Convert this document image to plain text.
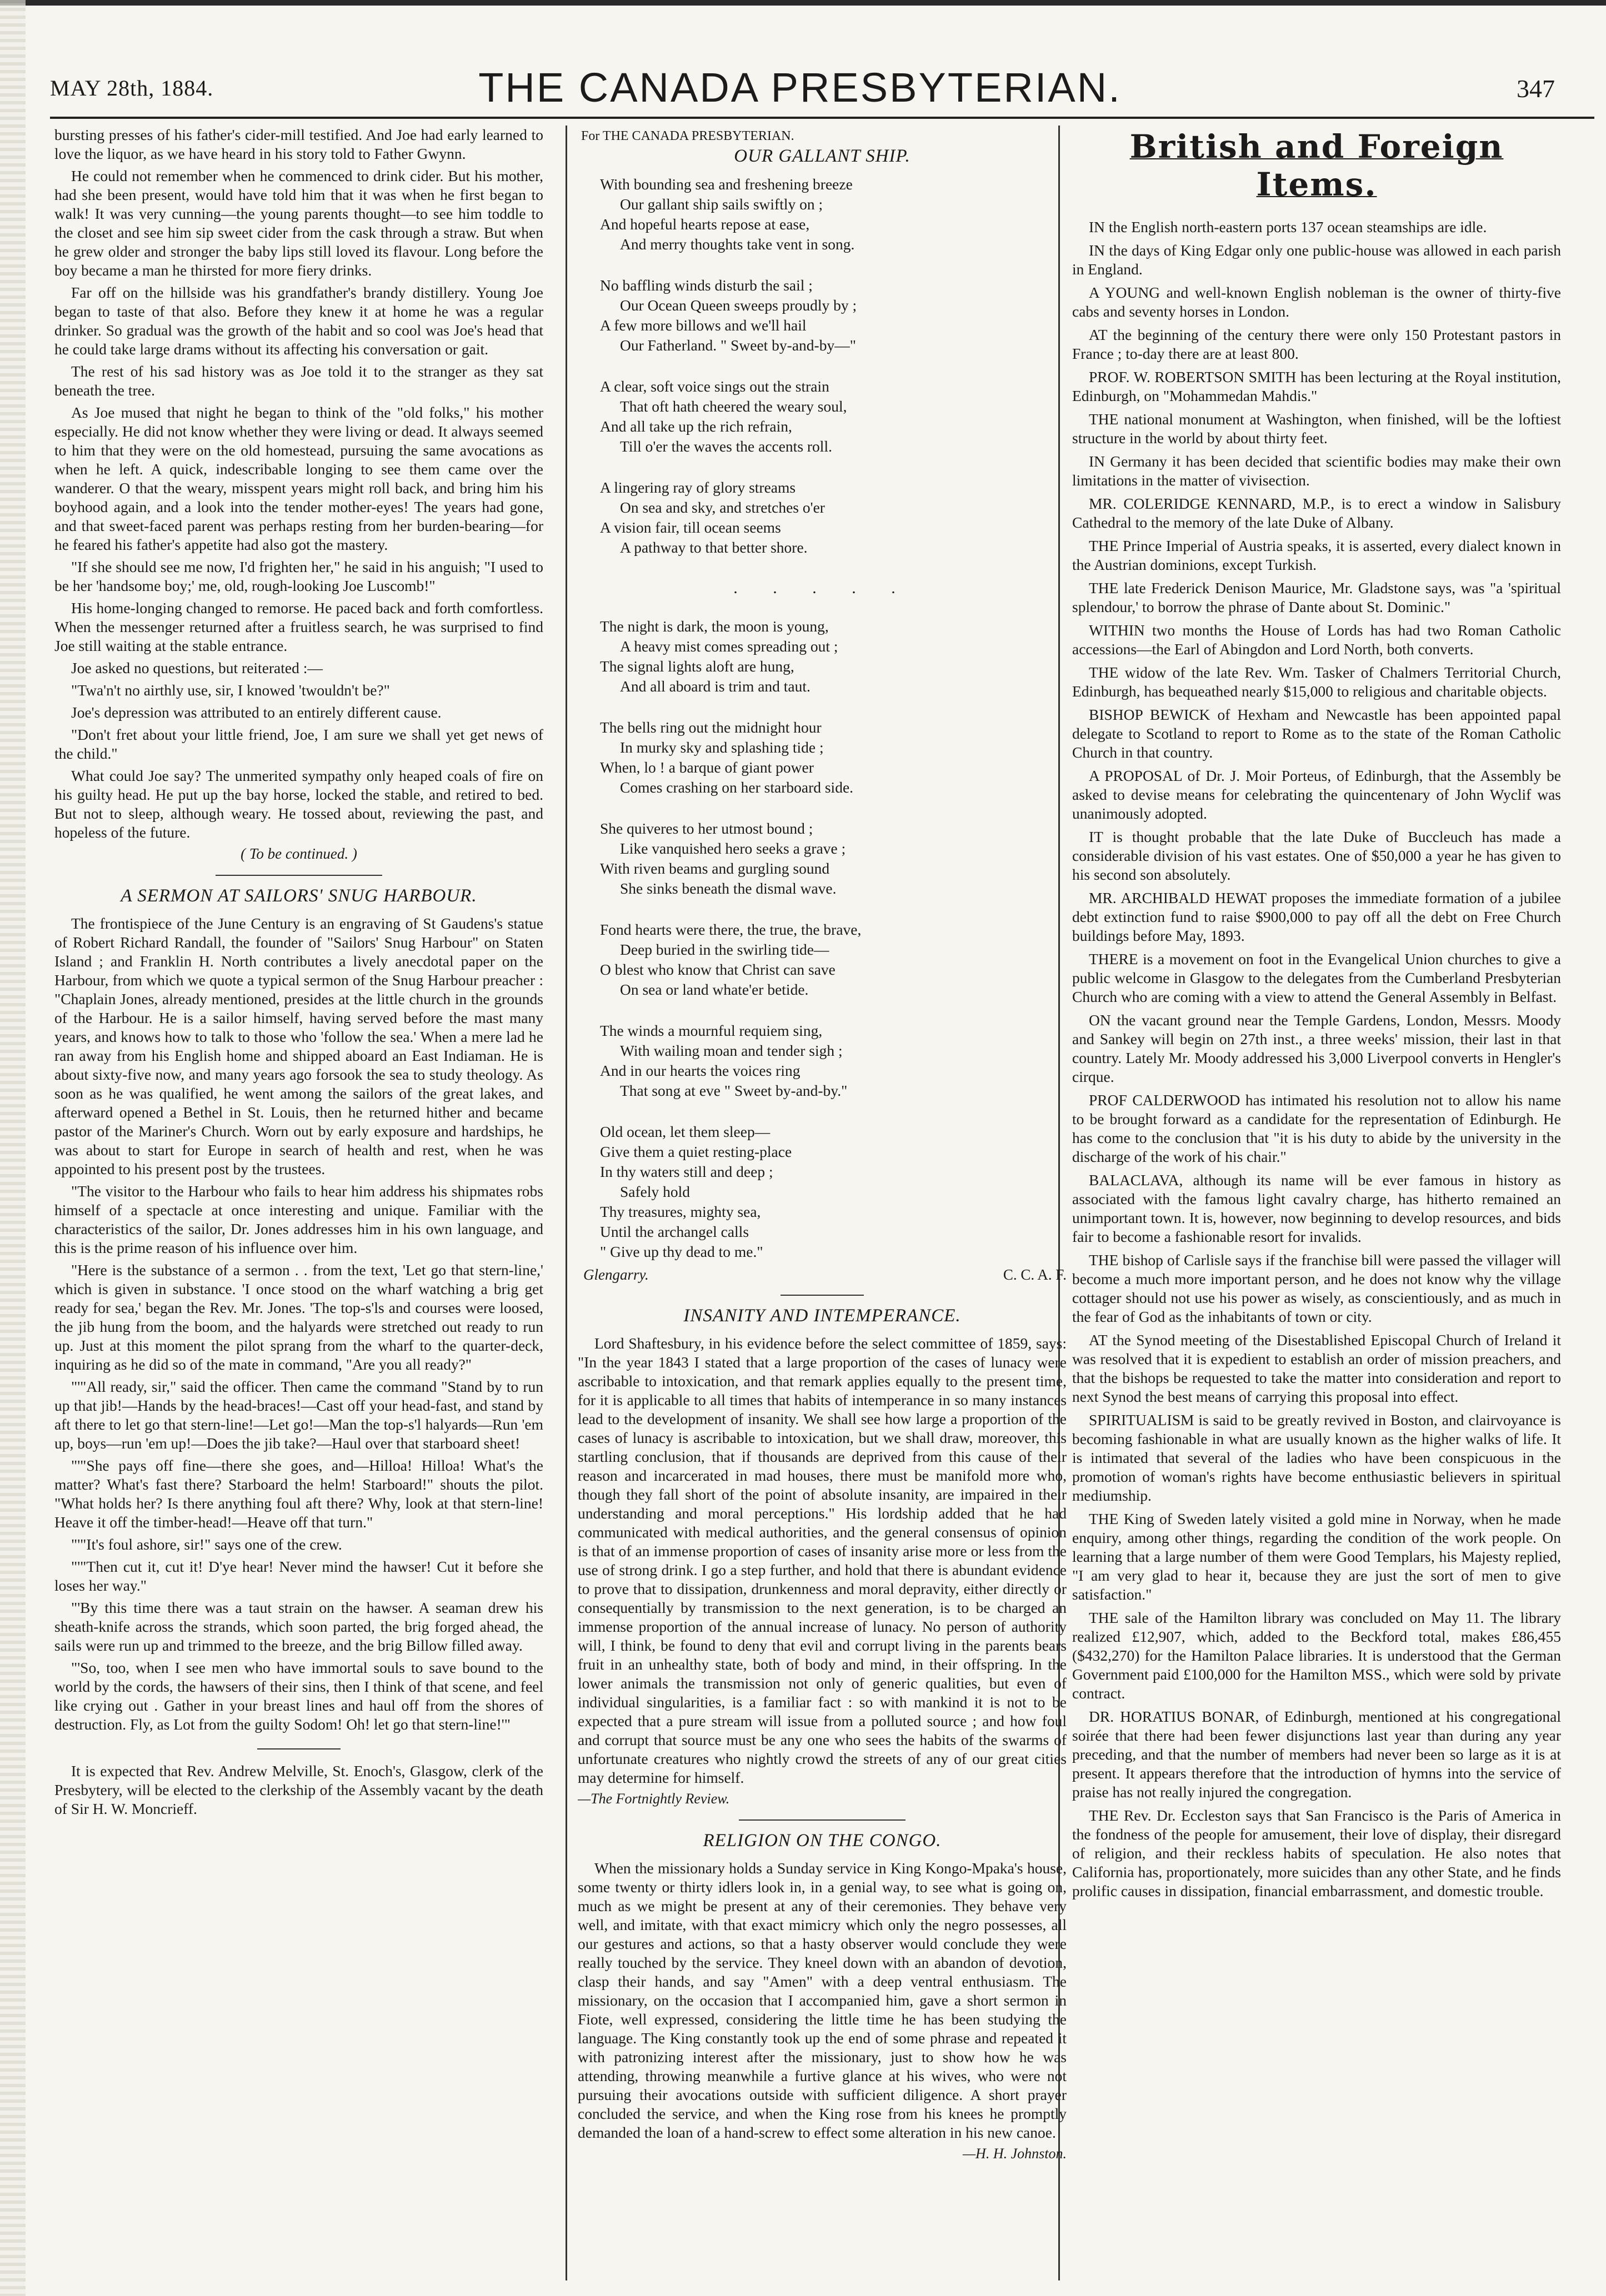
MAY 28th, 1884.	THE CANADA PRESBYTERIAN.	347

bursting presses of his father's cider-mill testified. And Joe had early learned to love the liquor, as we have heard in his story told to Father Gwynn.

He could not remember when he commenced to drink cider. But his mother, had she been present, would have told him that it was when he first began to walk! It was very cunning—the young parents thought—to see him toddle to the closet and see him sip sweet cider from the cask through a straw. But when he grew older and stronger the baby lips still loved its flavour. Long before the boy became a man he thirsted for more fiery drinks.

Far off on the hillside was his grandfather's brandy distillery. Young Joe began to taste of that also. Before they knew it at home he was a regular drinker. So gradual was the growth of the habit and so cool was Joe's head that he could take large drams without its affecting his conversation or gait.

The rest of his sad history was as Joe told it to the stranger as they sat beneath the tree.

As Joe mused that night he began to think of the "old folks," his mother especially. He did not know whether they were living or dead. It always seemed to him that they were on the old homestead, pursuing the same avocations as when he left. A quick, indescribable longing to see them came over the wanderer. O that the weary, misspent years might roll back, and bring him his boyhood again, and a look into the tender mother-eyes! The years had gone, and that sweet-faced parent was perhaps resting from her burden-bearing—for he feared his father's appetite had also got the mastery.

"If she should see me now, I'd frighten her," he said in his anguish; "I used to be her 'handsome boy;' me, old, rough-looking Joe Luscomb!"

His home-longing changed to remorse. He paced back and forth comfortless. When the messenger returned after a fruitless search, he was surprised to find Joe still waiting at the stable entrance.

Joe asked no questions, but reiterated :—

"Twa'n't no airthly use, sir, I knowed 'twouldn't be?"

Joe's depression was attributed to an entirely different cause.

"Don't fret about your little friend, Joe, I am sure we shall yet get news of the child."

What could Joe say? The unmerited sympathy only heaped coals of fire on his guilty head. He put up the bay horse, locked the stable, and retired to bed. But not to sleep, although weary. He tossed about, reviewing the past, and hopeless of the future.

( To be continued. )
A SERMON AT SAILORS' SNUG HARBOUR.

The frontispiece of the June Century is an engraving of St Gaudens's statue of Robert Richard Randall, the founder of "Sailors' Snug Harbour" on Staten Island ; and Franklin H. North contributes a lively anecdotal paper on the Harbour, from which we quote a typical sermon of the Snug Harbour preacher : "Chaplain Jones, already mentioned, presides at the little church in the grounds of the Harbour. He is a sailor himself, having served before the mast many years, and knows how to talk to those who 'follow the sea.' When a mere lad he ran away from his English home and shipped aboard an East Indiaman. He is about sixty-five now, and many years ago forsook the sea to study theology. As soon as he was qualified, he went among the sailors of the great lakes, and afterward opened a Bethel in St. Louis, then he returned hither and became pastor of the Mariner's Church. Worn out by early exposure and hardships, he was about to start for Europe in search of health and rest, when he was appointed to his present post by the trustees.

"The visitor to the Harbour who fails to hear him address his shipmates robs himself of a spectacle at once interesting and unique. Familiar with the characteristics of the sailor, Dr. Jones addresses him in his own language, and this is the prime reason of his influence over him.

"Here is the substance of a sermon . . from the text, 'Let go that stern-line,' which is given in substance. 'I once stood on the wharf watching a brig get ready for sea,' began the Rev. Mr. Jones. 'The top-s'ls and courses were loosed, the jib hung from the boom, and the halyards were stretched out ready to run up. Just at this moment the pilot sprang from the wharf to the quarter-deck, inquiring as he did so of the mate in command, "Are you all ready?"

"'"All ready, sir," said the officer. Then came the command "Stand by to run up that jib!—Hands by the head-braces!—Cast off your head-fast, and stand by aft there to let go that stern-line!—Let go!—Man the top-s'l halyards—Run 'em up, boys—run 'em up!—Does the jib take?—Haul over that starboard sheet!

"'"She pays off fine—there she goes, and—Hilloa! Hilloa! What's the matter? What's fast there? Starboard the helm! Starboard!" shouts the pilot. "What holds her? Is there anything foul aft there? Why, look at that stern-line! Heave it off the timber-head!—Heave off that turn."

"'"It's foul ashore, sir!" says one of the crew.

"'"Then cut it, cut it! D'ye hear! Never mind the hawser! Cut it before she loses her way."

"'By this time there was a taut strain on the hawser. A seaman drew his sheath-knife across the strands, which soon parted, the brig forged ahead, the sails were run up and trimmed to the breeze, and the brig Billow filled away.

"'So, too, when I see men who have immortal souls to save bound to the world by the cords, the hawsers of their sins, then I think of that scene, and feel like crying out . Gather in your breast lines and haul off from the shores of destruction. Fly, as Lot from the guilty Sodom! Oh! let go that stern-line!'"

It is expected that Rev. Andrew Melville, St. Enoch's, Glasgow, clerk of the Presbytery, will be elected to the clerkship of the Assembly vacant by the death of Sir H. W. Moncrieff.

For THE CANADA PRESBYTERIAN.
OUR GALLANT SHIP.
With bounding sea and freshening breeze
Our gallant ship sails swiftly on ;
And hopeful hearts repose at ease,
And merry thoughts take vent in song.
No baffling winds disturb the sail ;
Our Ocean Queen sweeps proudly by ;
A few more billows and we'll hail
Our Fatherland. " Sweet by-and-by—"
A clear, soft voice sings out the strain
That oft hath cheered the weary soul,
And all take up the rich refrain,
Till o'er the waves the accents roll.
A lingering ray of glory streams
On sea and sky, and stretches o'er
A vision fair, till ocean seems
A pathway to that better shore.
. . . . .
The night is dark, the moon is young,
A heavy mist comes spreading out ;
The signal lights aloft are hung,
And all aboard is trim and taut.
The bells ring out the midnight hour
In murky sky and splashing tide ;
When, lo ! a barque of giant power
Comes crashing on her starboard side.
She quiveres to her utmost bound ;
Like vanquished hero seeks a grave ;
With riven beams and gurgling sound
She sinks beneath the dismal wave.
Fond hearts were there, the true, the brave,
Deep buried in the swirling tide—
O blest who know that Christ can save
On sea or land whate'er betide.
The winds a mournful requiem sing,
With wailing moan and tender sigh ;
And in our hearts the voices ring
That song at eve " Sweet by-and-by."
Old ocean, let them sleep—
Give them a quiet resting-place
In thy waters still and deep ;
Safely hold
Thy treasures, mighty sea,
Until the archangel calls
" Give up thy dead to me."
Glengarry.	C. C. A. F.
INSANITY AND INTEMPERANCE.

Lord Shaftesbury, in his evidence before the select committee of 1859, says: "In the year 1843 I stated that a large proportion of the cases of lunacy were ascribable to intoxication, and that remark applies equally to the present time, for it is applicable to all times that habits of intemperance in so many instances lead to the development of insanity. We shall see how large a proportion of the cases of lunacy is ascribable to intoxication, but we shall draw, moreover, this startling conclusion, that if thousands are deprived from this cause of their reason and incarcerated in mad houses, there must be manifold more who, though they fall short of the point of absolute insanity, are impaired in their understanding and moral perceptions." His lordship added that he had communicated with medical authorities, and the general consensus of opinion is that of an immense proportion of cases of insanity arise more or less from the use of strong drink. I go a step further, and hold that there is abundant evidence to prove that to dissipation, drunkenness and moral depravity, either directly or consequentially by transmission to the next generation, is to be charged an immense proportion of the annual increase of lunacy. No person of authority will, I think, be found to deny that evil and corrupt living in the parents bears fruit in an unhealthy state, both of body and mind, in their offspring. In the lower animals the transmission not only of generic qualities, but even of individual singularities, is a familiar fact : so with mankind it is not to be expected that a pure stream will issue from a polluted source ; and how foul and corrupt that source must be any one who sees the habits of the swarms of unfortunate creatures who nightly crowd the streets of any of our great cities may determine for himself.

—The Fortnightly Review.
RELIGION ON THE CONGO.

When the missionary holds a Sunday service in King Kongo-Mpaka's house, some twenty or thirty idlers look in, in a genial way, to see what is going on, much as we might be present at any of their ceremonies. They behave very well, and imitate, with that exact mimicry which only the negro possesses, all our gestures and actions, so that a hasty observer would conclude they were really touched by the service. They kneel down with an abandon of devotion, clasp their hands, and say "Amen" with a deep ventral enthusiasm. The missionary, on the occasion that I accompanied him, gave a short sermon in Fiote, well expressed, considering the little time he has been studying the language. The King constantly took up the end of some phrase and repeated it with patronizing interest after the missionary, just to show how he was attending, throwing meanwhile a furtive glance at his wives, who were not pursuing their avocations outside with sufficient diligence. A short prayer concluded the service, and when the King rose from his knees he promptly demanded the loan of a hand-screw to effect some alteration in his new canoe.

—H. H. Johnston.
British and Foreign Items.

IN the English north-eastern ports 137 ocean steamships are idle.

IN the days of King Edgar only one public-house was allowed in each parish in England.

A YOUNG and well-known English nobleman is the owner of thirty-five cabs and seventy horses in London.

AT the beginning of the century there were only 150 Protestant pastors in France ; to-day there are at least 800.

PROF. W. ROBERTSON SMITH has been lecturing at the Royal institution, Edinburgh, on "Mohammedan Mahdis."

THE national monument at Washington, when finished, will be the loftiest structure in the world by about thirty feet.

IN Germany it has been decided that scientific bodies may make their own limitations in the matter of vivisection.

MR. COLERIDGE KENNARD, M.P., is to erect a window in Salisbury Cathedral to the memory of the late Duke of Albany.

THE Prince Imperial of Austria speaks, it is asserted, every dialect known in the Austrian dominions, except Turkish.

THE late Frederick Denison Maurice, Mr. Gladstone says, was "a 'spiritual splendour,' to borrow the phrase of Dante about St. Dominic."

WITHIN two months the House of Lords has had two Roman Catholic accessions—the Earl of Abingdon and Lord North, both converts.

THE widow of the late Rev. Wm. Tasker of Chalmers Territorial Church, Edinburgh, has bequeathed nearly $15,000 to religious and charitable objects.

BISHOP BEWICK of Hexham and Newcastle has been appointed papal delegate to Scotland to report to Rome as to the state of the Roman Catholic Church in that country.

A PROPOSAL of Dr. J. Moir Porteus, of Edinburgh, that the Assembly be asked to devise means for celebrating the quincentenary of John Wyclif was unanimously adopted.

IT is thought probable that the late Duke of Buccleuch has made a considerable division of his vast estates. One of $50,000 a year he has given to his second son absolutely.

MR. ARCHIBALD HEWAT proposes the immediate formation of a jubilee debt extinction fund to raise $900,000 to pay off all the debt on Free Church buildings before May, 1893.

THERE is a movement on foot in the Evangelical Union churches to give a public welcome in Glasgow to the delegates from the Cumberland Presbyterian Church who are coming with a view to attend the General Assembly in Belfast.

ON the vacant ground near the Temple Gardens, London, Messrs. Moody and Sankey will begin on 27th inst., a three weeks' mission, their last in that country. Lately Mr. Moody addressed his 3,000 Liverpool converts in Hengler's cirque.

PROF CALDERWOOD has intimated his resolution not to allow his name to be brought forward as a candidate for the representation of Edinburgh. He has come to the conclusion that "it is his duty to abide by the university in the discharge of the work of his chair."

BALACLAVA, although its name will be ever famous in history as associated with the famous light cavalry charge, has hitherto remained an unimportant town. It is, however, now beginning to develop resources, and bids fair to become a fashionable resort for invalids.

THE bishop of Carlisle says if the franchise bill were passed the villager will become a much more important person, and he does not know why the village cottager should not use his power as wisely, as conscientiously, and as much in the fear of God as the inhabitants of town or city.

AT the Synod meeting of the Disestablished Episcopal Church of Ireland it was resolved that it is expedient to establish an order of mission preachers, and that the bishops be requested to take the matter into consideration and report to next Synod the best means of carrying this proposal into effect.

SPIRITUALISM is said to be greatly revived in Boston, and clairvoyance is becoming fashionable in what are usually known as the higher walks of life. It is intimated that several of the ladies who have been conspicuous in the promotion of woman's rights have become enthusiastic believers in spiritual mediumship.

THE King of Sweden lately visited a gold mine in Norway, when he made enquiry, among other things, regarding the condition of the work people. On learning that a large number of them were Good Templars, his Majesty replied, "I am very glad to hear it, because they are just the sort of men to give satisfaction."

THE sale of the Hamilton library was concluded on May 11. The library realized £12,907, which, added to the Beckford total, makes £86,455 ($432,270) for the Hamilton Palace libraries. It is understood that the German Government paid £100,000 for the Hamilton MSS., which were sold by private contract.

DR. HORATIUS BONAR, of Edinburgh, mentioned at his congregational soirée that there had been fewer disjunctions last year than during any year preceding, and that the number of members had never been so large as it is at present. It appears therefore that the introduction of hymns into the service of praise has not really injured the congregation.

THE Rev. Dr. Eccleston says that San Francisco is the Paris of America in the fondness of the people for amusement, their love of display, their disregard of religion, and their reckless habits of speculation. He also notes that California has, proportionately, more suicides than any other State, and he finds prolific causes in dissipation, financial embarrassment, and domestic trouble.
